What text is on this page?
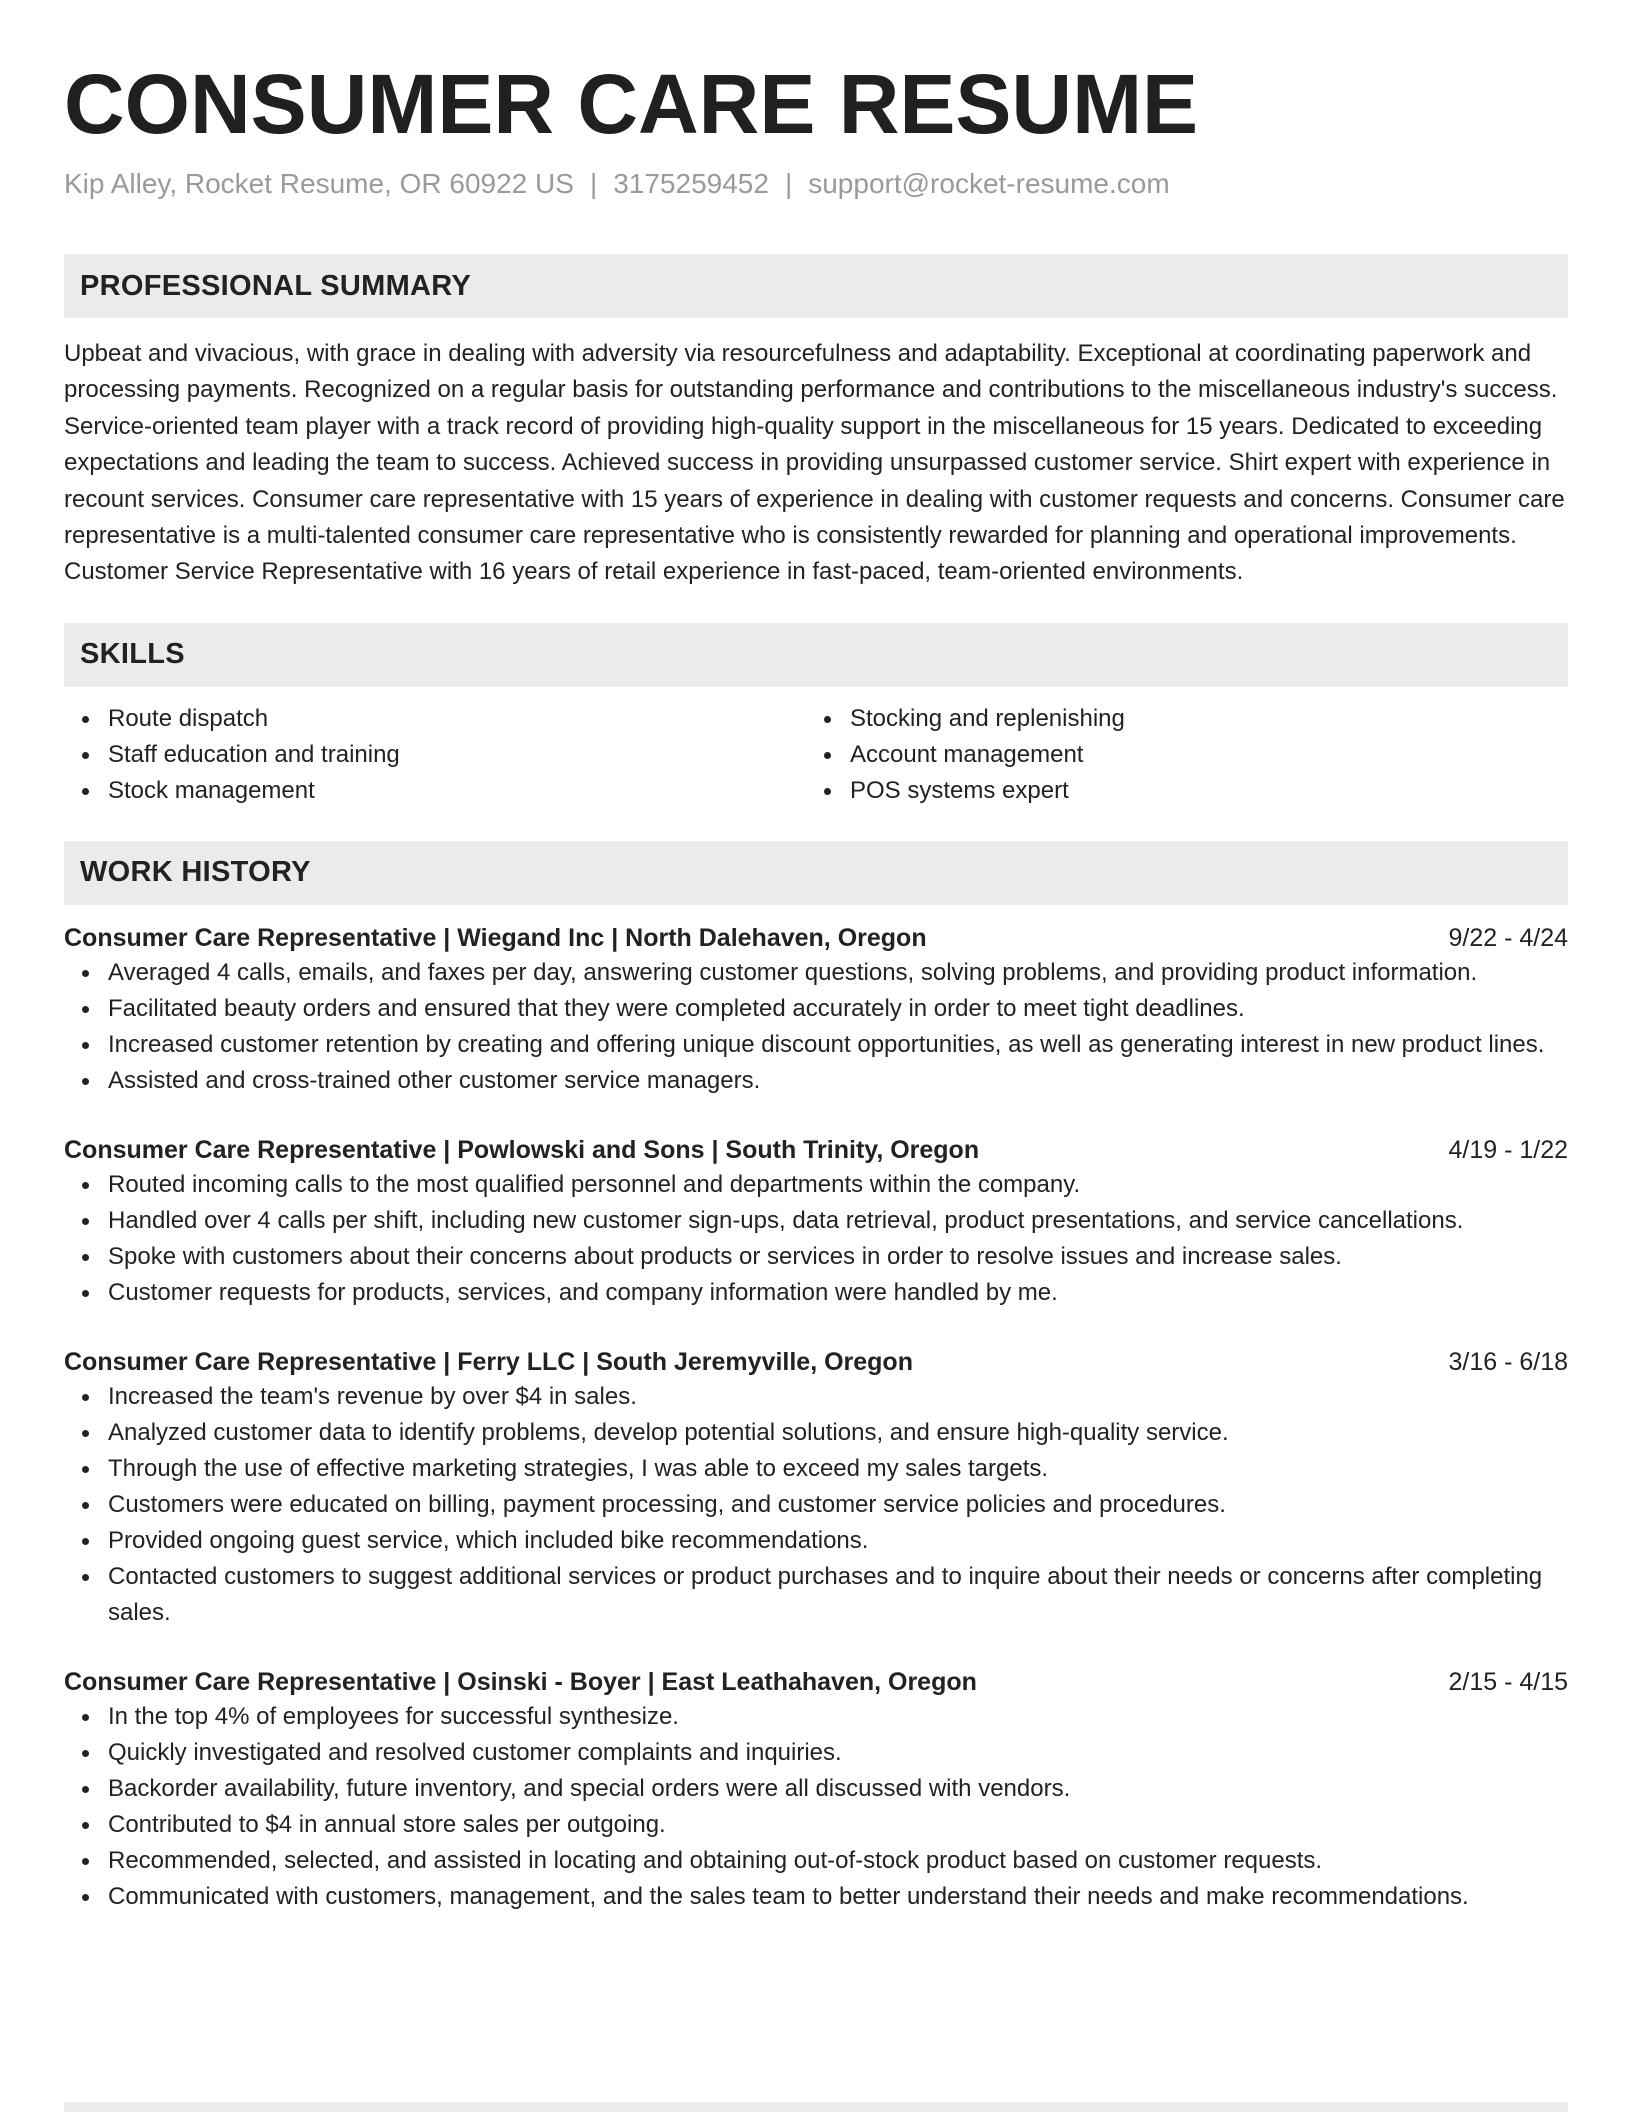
CONSUMER CARE RESUME
Kip Alley, Rocket Resume, OR 60922 US | 3175259452 | support@rocket-resume.com
PROFESSIONAL SUMMARY

Upbeat and vivacious, with grace in dealing with adversity via resourcefulness and adaptability. Exceptional at coordinating paperwork and processing payments. Recognized on a regular basis for outstanding performance and contributions to the miscellaneous industry's success. Service-oriented team player with a track record of providing high-quality support in the miscellaneous for 15 years. Dedicated to exceeding expectations and leading the team to success. Achieved success in providing unsurpassed customer service. Shirt expert with experience in recount services. Consumer care representative with 15 years of experience in dealing with customer requests and concerns. Consumer care representative is a multi-talented consumer care representative who is consistently rewarded for planning and operational improvements. Customer Service Representative with 16 years of retail experience in fast-paced, team-oriented environments.

SKILLS
Route dispatch
Staff education and training
Stock management
Stocking and replenishing
Account management
POS systems expert
WORK HISTORY
Consumer Care Representative | Wiegand Inc | North Dalehaven, Oregon	9/22 - 4/24
Averaged 4 calls, emails, and faxes per day, answering customer questions, solving problems, and providing product information.
Facilitated beauty orders and ensured that they were completed accurately in order to meet tight deadlines.
Increased customer retention by creating and offering unique discount opportunities, as well as generating interest in new product lines.
Assisted and cross-trained other customer service managers.
Consumer Care Representative | Powlowski and Sons | South Trinity, Oregon	4/19 - 1/22
Routed incoming calls to the most qualified personnel and departments within the company.
Handled over 4 calls per shift, including new customer sign-ups, data retrieval, product presentations, and service cancellations.
Spoke with customers about their concerns about products or services in order to resolve issues and increase sales.
Customer requests for products, services, and company information were handled by me.
Consumer Care Representative | Ferry LLC | South Jeremyville, Oregon	3/16 - 6/18
Increased the team's revenue by over $4 in sales.
Analyzed customer data to identify problems, develop potential solutions, and ensure high-quality service.
Through the use of effective marketing strategies, I was able to exceed my sales targets.
Customers were educated on billing, payment processing, and customer service policies and procedures.
Provided ongoing guest service, which included bike recommendations.
Contacted customers to suggest additional services or product purchases and to inquire about their needs or concerns after completing sales.
Consumer Care Representative | Osinski - Boyer | East Leathahaven, Oregon	2/15 - 4/15
In the top 4% of employees for successful synthesize.
Quickly investigated and resolved customer complaints and inquiries.
Backorder availability, future inventory, and special orders were all discussed with vendors.
Contributed to $4 in annual store sales per outgoing.
Recommended, selected, and assisted in locating and obtaining out-of-stock product based on customer requests.
Communicated with customers, management, and the sales team to better understand their needs and make recommendations.
